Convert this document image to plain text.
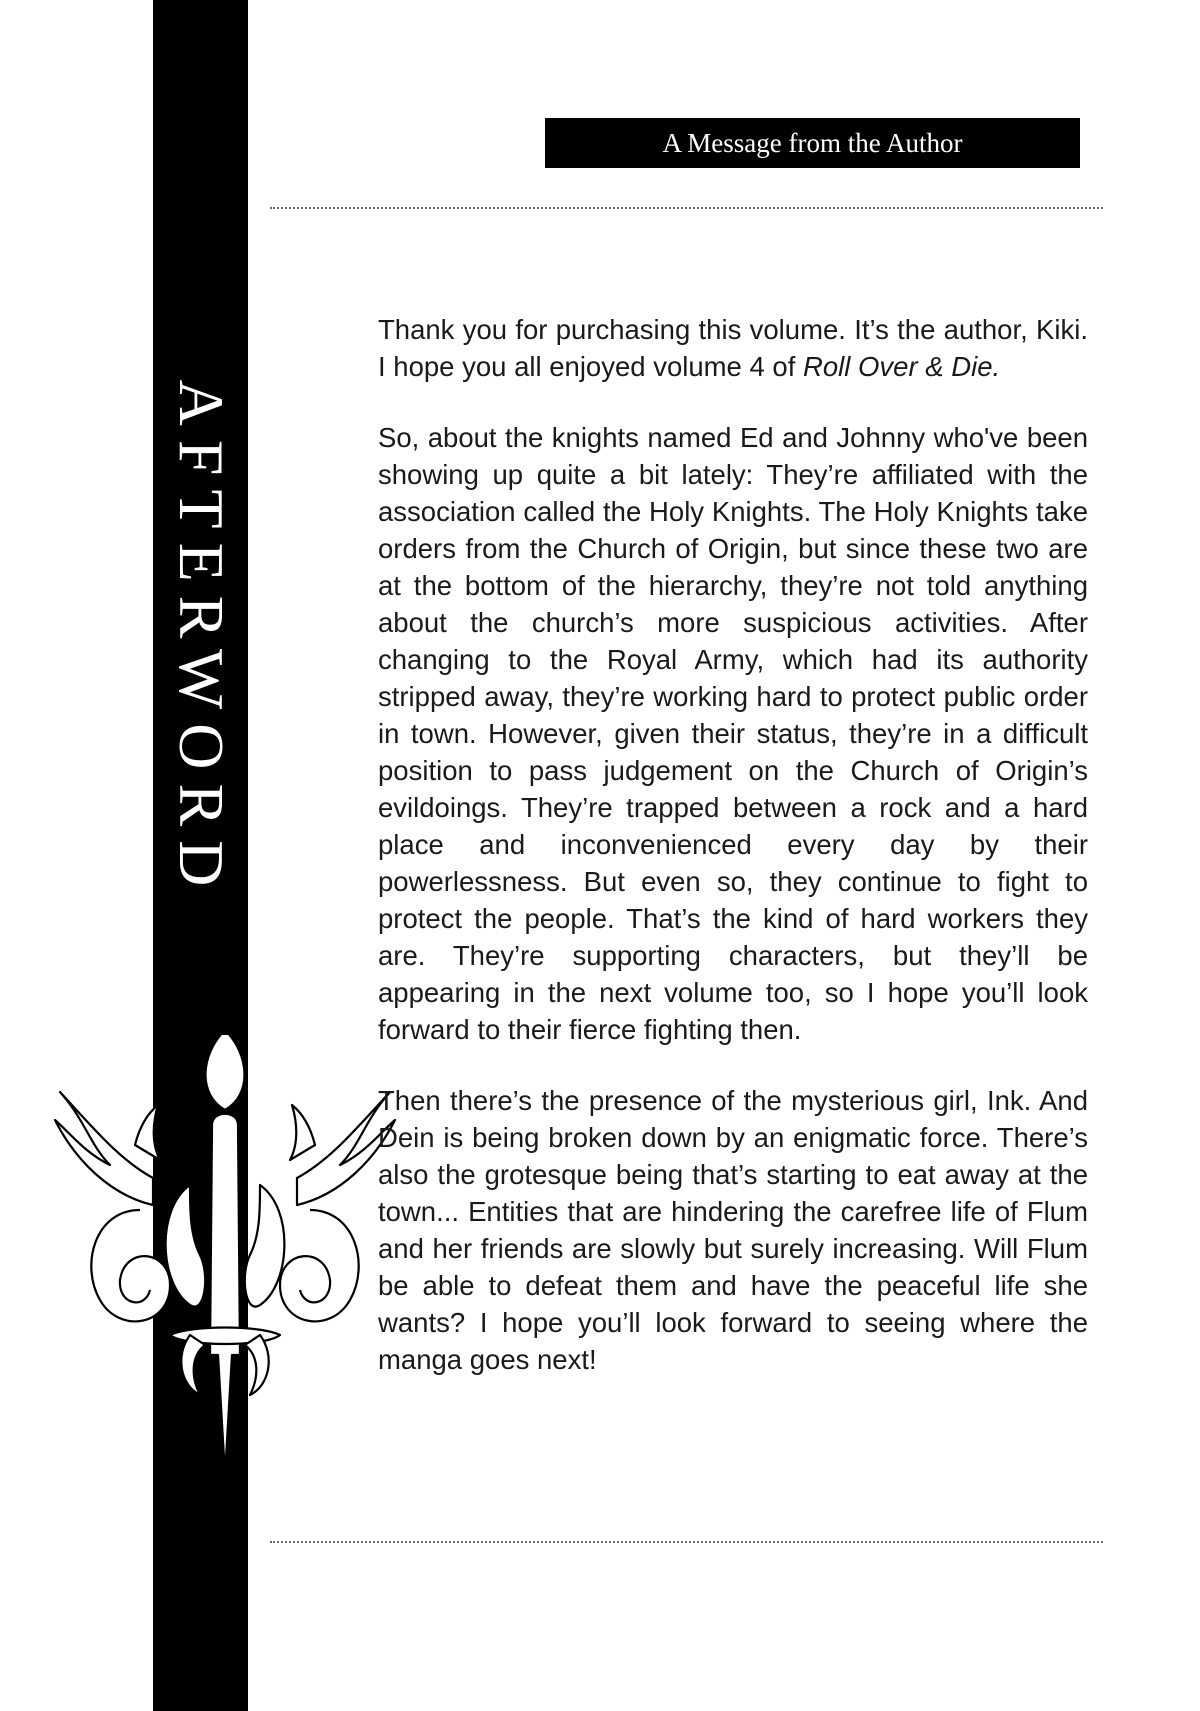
AFTERWORD
A Message from the Author

Thank you for purchasing this volume. It’s the author, Kiki. I hope you all enjoyed volume 4 of Roll Over & Die.

So, about the knights named Ed and Johnny who've been showing up quite a bit lately: They’re affiliated with the association called the Holy Knights. The Holy Knights take orders from the Church of Origin, but since these two are at the bottom of the hierarchy, they’re not told anything about the church’s more suspicious activities. After changing to the Royal Army, which had its authority stripped away, they’re working hard to protect public order in town. However, given their status, they’re in a difficult position to pass judgement on the Church of Origin’s evildoings. They’re trapped between a rock and a hard place and inconvenienced every day by their powerlessness. But even so, they continue to fight to protect the people. That’s the kind of hard workers they are. They’re supporting characters, but they’ll be appearing in the next volume too, so I hope you’ll look forward to their fierce fighting then.

Then there’s the presence of the mysterious girl, Ink. And Dein is being broken down by an enigmatic force. There’s also the grotesque being that’s starting to eat away at the town... Entities that are hindering the carefree life of Flum and her friends are slowly but surely increasing. Will Flum be able to defeat them and have the peaceful life she wants? I hope you’ll look forward to seeing where the manga goes next!
